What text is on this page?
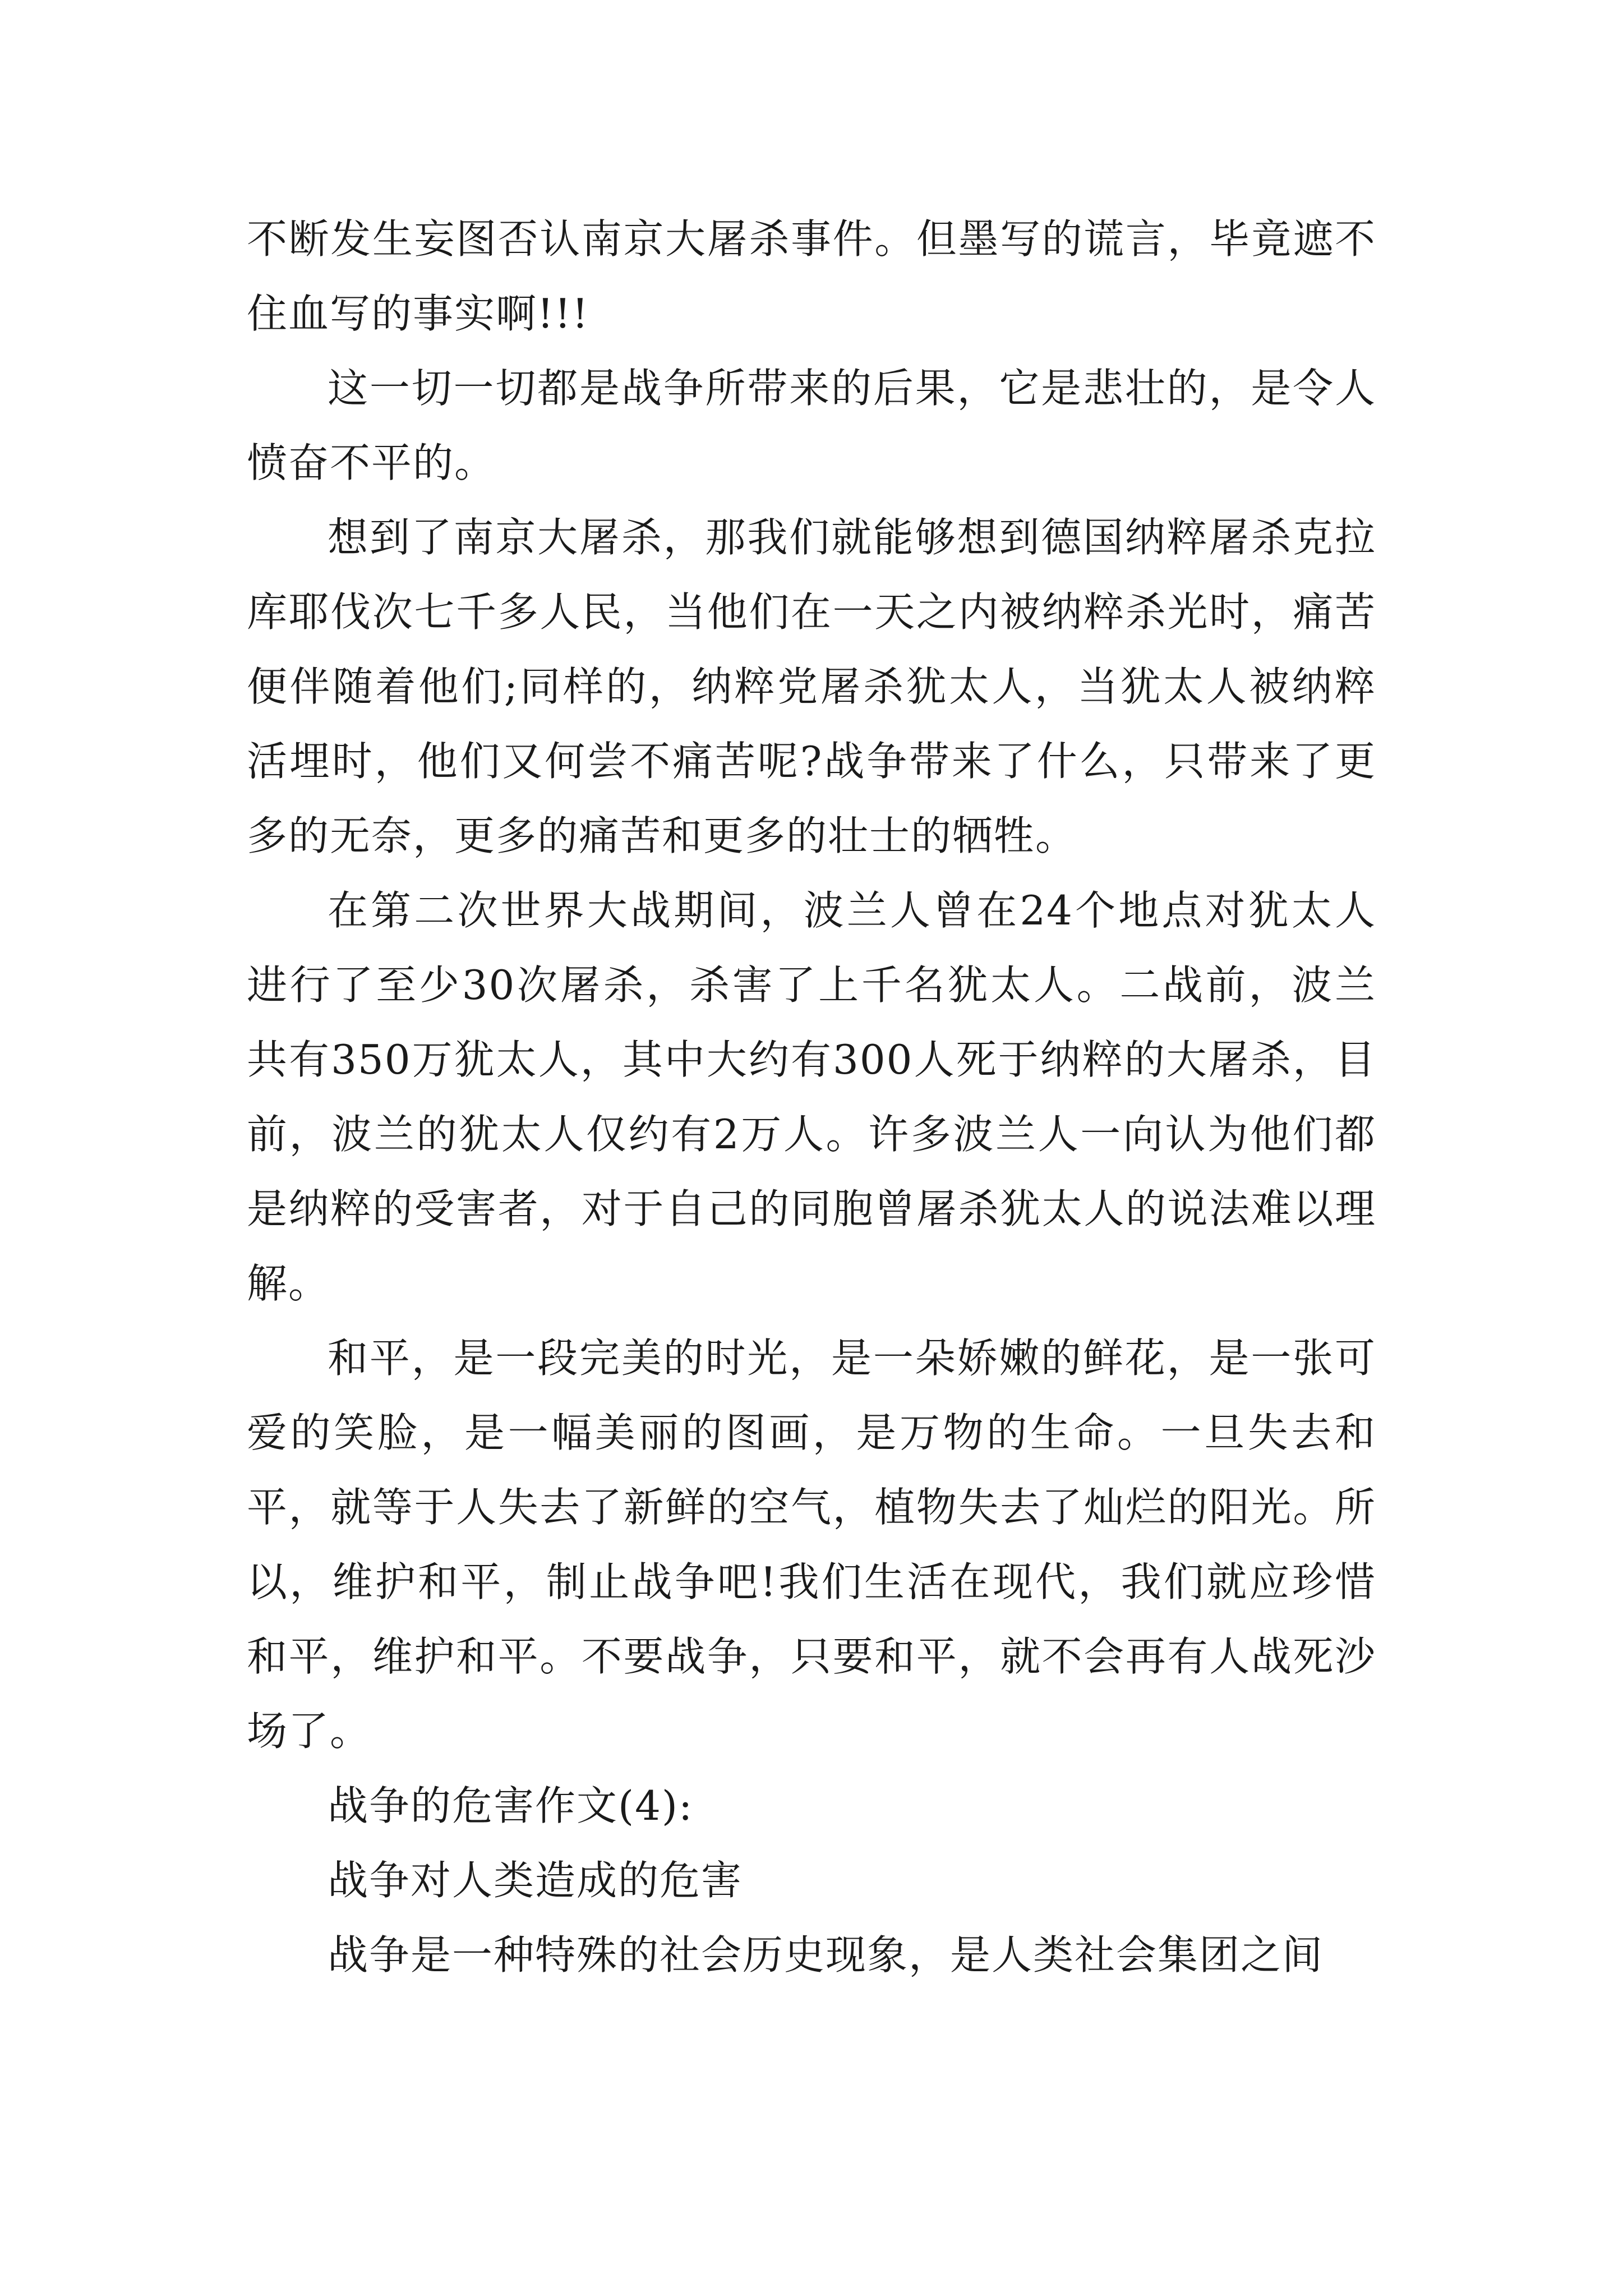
不断发生妄图否认南京大屠杀事件。但墨写的谎言，毕竟遮不住血写的事实啊!!!

这一切一切都是战争所带来的后果，它是悲壮的，是令人愤奋不平的。

想到了南京大屠杀，那我们就能够想到德国纳粹屠杀克拉库耶伐次七千多人民，当他们在一天之内被纳粹杀光时，痛苦便伴随着他们;同样的，纳粹党屠杀犹太人，当犹太人被纳粹活埋时，他们又何尝不痛苦呢?战争带来了什么，只带来了更多的无奈，更多的痛苦和更多的壮士的牺牲。

在第二次世界大战期间，波兰人曾在24个地点对犹太人进行了至少30次屠杀，杀害了上千名犹太人。二战前，波兰共有350万犹太人，其中大约有300人死于纳粹的大屠杀，目前，波兰的犹太人仅约有2万人。许多波兰人一向认为他们都是纳粹的受害者，对于自己的同胞曾屠杀犹太人的说法难以理解。

和平，是一段完美的时光，是一朵娇嫩的鲜花，是一张可爱的笑脸，是一幅美丽的图画，是万物的生命。一旦失去和平，就等于人失去了新鲜的空气，植物失去了灿烂的阳光。所以，维护和平，制止战争吧!我们生活在现代，我们就应珍惜和平，维护和平。不要战争，只要和平，就不会再有人战死沙场了。

战争的危害作文(4):

战争对人类造成的危害

战争是一种特殊的社会历史现象，是人类社会集团之间
